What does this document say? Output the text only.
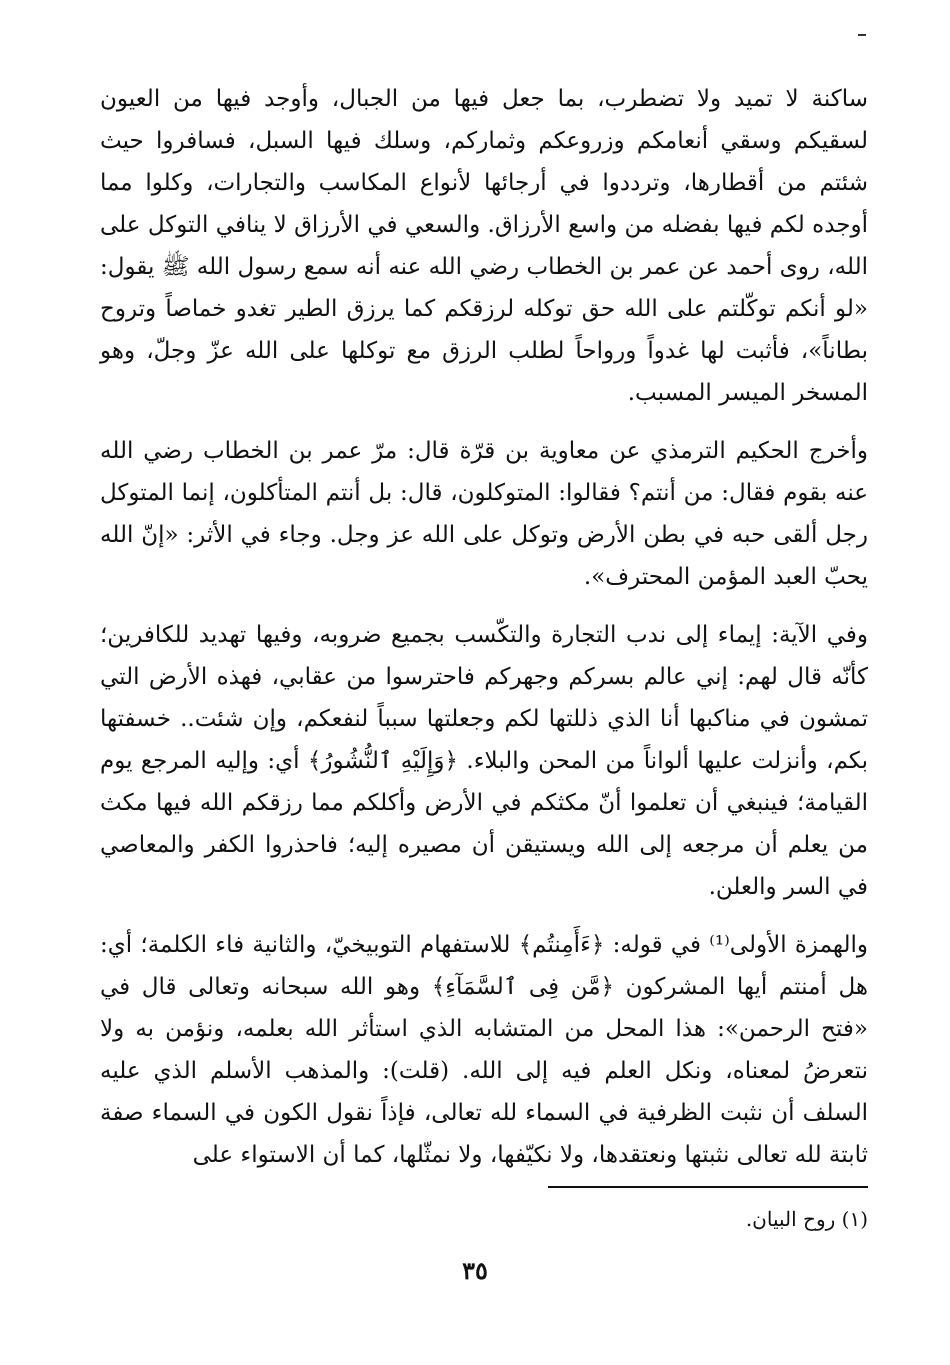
ساكنة لا تميد ولا تضطرب، بما جعل فيها من الجبال، وأوجد فيها من العيون لسقيكم وسقي أنعامكم وزروعكم وثماركم، وسلك فيها السبل، فسافروا حيث شئتم من أقطارها، وترددوا في أرجائها لأنواع المكاسب والتجارات، وكلوا مما أوجده لكم فيها بفضله من واسع الأرزاق. والسعي في الأرزاق لا ينافي التوكل على الله، روى أحمد عن عمر بن الخطاب رضي الله عنه أنه سمع رسول الله ﷺ يقول: «لو أنكم توكّلتم على الله حق توكله لرزقكم كما يرزق الطير تغدو خماصاً وتروح بطاناً»، فأثبت لها غدواً ورواحاً لطلب الرزق مع توكلها على الله عزّ وجلّ، وهو المسخر الميسر المسبب.

وأخرج الحكيم الترمذي عن معاوية بن قرّة قال: مرّ عمر بن الخطاب رضي الله عنه بقوم فقال: من أنتم؟ فقالوا: المتوكلون، قال: بل أنتم المتأكلون، إنما المتوكل رجل ألقى حبه في بطن الأرض وتوكل على الله عز وجل. وجاء في الأثر: «إنّ الله يحبّ العبد المؤمن المحترف».

وفي الآية: إيماء إلى ندب التجارة والتكّسب بجميع ضروبه، وفيها تهديد للكافرين؛ كأنّه قال لهم: إني عالم بسركم وجهركم فاحترسوا من عقابي، فهذه الأرض التي تمشون في مناكبها أنا الذي ذللتها لكم وجعلتها سبباً لنفعكم، وإن شئت.. خسفتها بكم، وأنزلت عليها ألواناً من المحن والبلاء. ﴿وَإِلَيْهِ ٱلنُّشُورُ﴾ أي: وإليه المرجع يوم القيامة؛ فينبغي أن تعلموا أنّ مكثكم في الأرض وأكلكم مما رزقكم الله فيها مكث من يعلم أن مرجعه إلى الله ويستيقن أن مصيره إليه؛ فاحذروا الكفر والمعاصي في السر والعلن.

والهمزة الأولى⁽¹⁾ في قوله: ﴿ءَأَمِنتُم﴾ للاستفهام التوبيخيّ، والثانية فاء الكلمة؛ أي: هل أمنتم أيها المشركون ﴿مَّن فِى ٱلسَّمَآءِ﴾ وهو الله سبحانه وتعالى قال في «فتح الرحمن»: هذا المحل من المتشابه الذي استأثر الله بعلمه، ونؤمن به ولا نتعرضُ لمعناه، ونكل العلم فيه إلى الله. (قلت): والمذهب الأسلم الذي عليه السلف أن نثبت الظرفية في السماء لله تعالى، فإذاً نقول الكون في السماء صفة ثابتة لله تعالى نثبتها ونعتقدها، ولا نكيّفها، ولا نمثّلها، كما أن الاستواء على

(١) روح البيان.
٣٥
